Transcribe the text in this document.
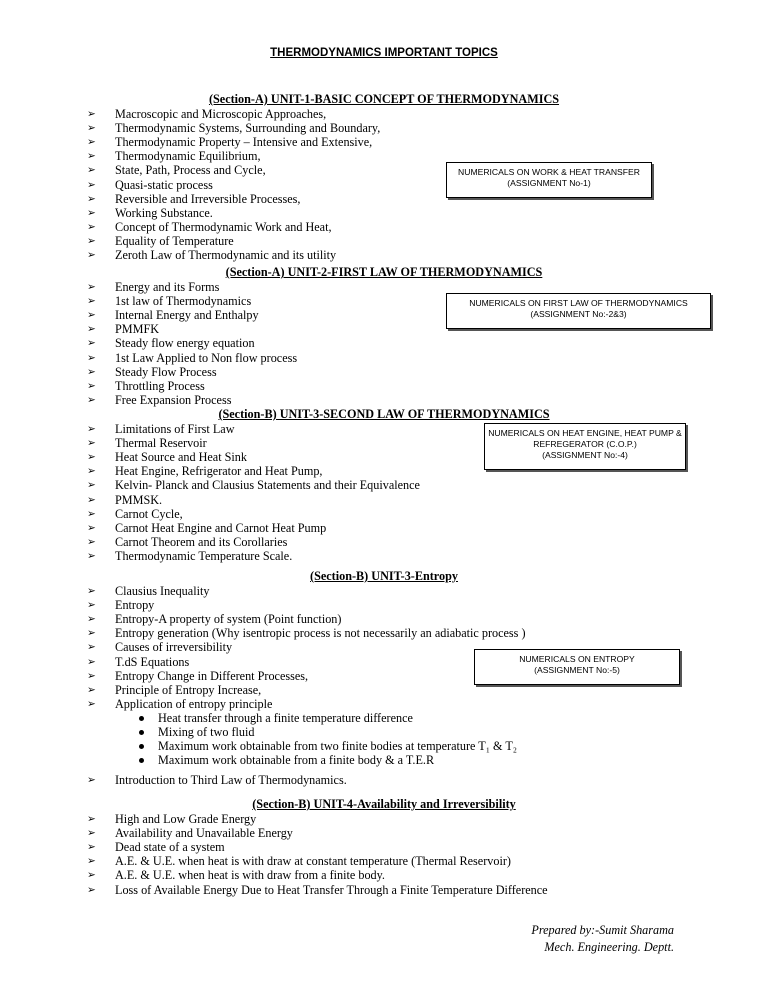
THERMODYNAMICS IMPORTANT TOPICS
(Section-A) UNIT-1-BASIC CONCEPT OF THERMODYNAMICS
➢ Macroscopic and Microscopic Approaches,
➢ Thermodynamic Systems, Surrounding and Boundary,
➢ Thermodynamic Property – Intensive and Extensive,
➢ Thermodynamic Equilibrium,
➢ State, Path, Process and Cycle,
➢ Quasi-static process
➢ Reversible and Irreversible Processes,
➢ Working Substance.
➢ Concept of Thermodynamic Work and Heat,
➢ Equality of Temperature
➢ Zeroth Law of Thermodynamic and its utility
(Section-A) UNIT-2-FIRST LAW OF THERMODYNAMICS
➢ Energy and its Forms
➢ 1st law of Thermodynamics
➢ Internal Energy and Enthalpy
➢ PMMFK
➢ Steady flow energy equation
➢ 1st Law Applied to Non flow process
➢ Steady Flow Process
➢ Throttling Process
➢ Free Expansion Process
(Section-B) UNIT-3-SECOND LAW OF THERMODYNAMICS
➢ Limitations of First Law
➢ Thermal Reservoir
➢ Heat Source and Heat Sink
➢ Heat Engine, Refrigerator and Heat Pump,
➢ Kelvin- Planck and Clausius Statements and their Equivalence
➢ PMMSK.
➢ Carnot Cycle,
➢ Carnot Heat Engine and Carnot Heat Pump
➢ Carnot Theorem and its Corollaries
➢ Thermodynamic Temperature Scale.
(Section-B) UNIT-3-Entropy
➢ Clausius Inequality
➢ Entropy
➢ Entropy-A property of system (Point function)
➢ Entropy generation (Why isentropic process is not necessarily an adiabatic process )
➢ Causes of irreversibility
➢ T.dS Equations
➢ Entropy Change in Different Processes,
➢ Principle of Entropy Increase,
➢ Application of entropy principle
Heat transfer through a finite temperature difference
Mixing of two fluid
Maximum work obtainable from two finite bodies at temperature T₁ & T₂
Maximum work obtainable from a finite body & a T.E.R
➢ Introduction to Third Law of Thermodynamics.
(Section-B) UNIT-4-Availability and Irreversibility
➢ High and Low Grade Energy
➢ Availability and Unavailable Energy
➢ Dead state of a system
➢ A.E. & U.E. when heat is with draw at constant temperature (Thermal Reservoir)
➢ A.E. & U.E. when heat is with draw from a finite body.
➢ Loss of Available Energy Due to Heat Transfer Through a Finite Temperature Difference
NUMERICALS ON WORK & HEAT TRANSFER
(ASSIGNMENT No-1)
NUMERICALS ON FIRST LAW OF THERMODYNAMICS
(ASSIGNMENT No:-2&3)
NUMERICALS ON HEAT ENGINE, HEAT PUMP &
REFREGERATOR (C.O.P.)
(ASSIGNMENT No:-4)
NUMERICALS ON ENTROPY
(ASSIGNMENT No:-5)
Prepared by:-Sumit Sharama
Mech. Engineering. Deptt.
